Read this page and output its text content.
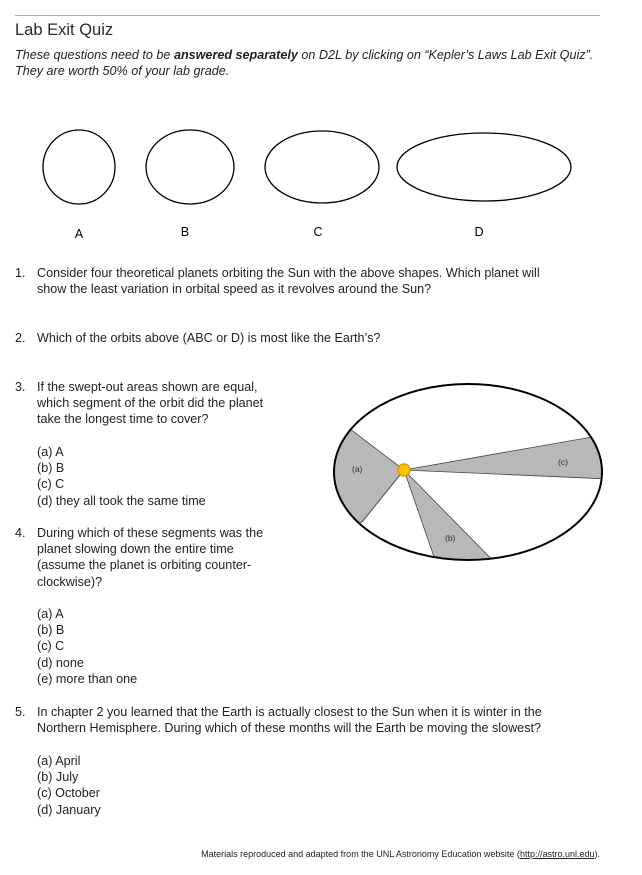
Lab Exit Quiz
These questions need to be answered separately on D2L by clicking on “Kepler’s Laws Lab Exit Quiz”. They are worth 50% of your lab grade.
A	B	C	D
1. Consider four theoretical planets orbiting the Sun with the above shapes. Which planet will
show the least variation in orbital speed as it revolves around the Sun?
2. Which of the orbits above (ABC or D) is most like the Earth’s?
3. If the swept-out areas shown are equal,
which segment of the orbit did the planet
take the longest time to cover?
(a) A
(b) B
(c) C
(d) they all took the same time
4. During which of these segments was the
planet slowing down the entire time
(assume the planet is orbiting counter-
clockwise)?
(a) A
(b) B
(c) C
(d) none
(e) more than one
5. In chapter 2 you learned that the Earth is actually closest to the Sun when it is winter in the
Northern Hemisphere. During which of these months will the Earth be moving the slowest?
(a) April
(b) July
(c) October
(d) January
(a)
(b)
(c)
Materials reproduced and adapted from the UNL Astronomy Education website (http://astro.unl.edu).
